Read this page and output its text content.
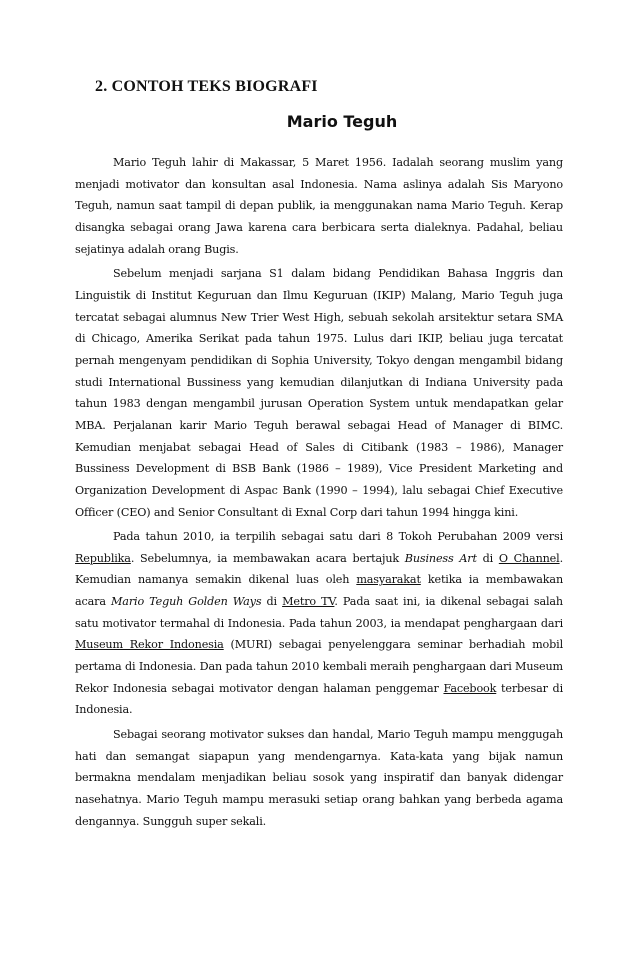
2. CONTOH TEKS BIOGRAFI
Mario Teguh

Mario Teguh lahir di Makassar, 5 Maret 1956. Iadalah seorang muslim yang menjadi motivator dan konsultan asal Indonesia. Nama aslinya adalah Sis Maryono Teguh, namun saat tampil di depan publik, ia menggunakan nama Mario Teguh. Kerap disangka sebagai orang Jawa karena cara berbicara serta dialeknya. Padahal, beliau sejatinya adalah orang Bugis.

Sebelum menjadi sarjana S1 dalam bidang Pendidikan Bahasa Inggris dan Linguistik di Institut Keguruan dan Ilmu Keguruan (IKIP) Malang, Mario Teguh juga tercatat sebagai alumnus New Trier West High, sebuah sekolah arsitektur setara SMA di Chicago, Amerika Serikat pada tahun 1975. Lulus dari IKIP, beliau juga tercatat pernah mengenyam pendidikan di Sophia University, Tokyo dengan mengambil bidang studi International Bussiness yang kemudian dilanjutkan di Indiana University pada tahun 1983 dengan mengambil jurusan Operation System untuk mendapatkan gelar MBA. Perjalanan karir Mario Teguh berawal sebagai Head of Manager di BIMC. Kemudian menjabat sebagai Head of Sales di Citibank (1983 – 1986), Manager Bussiness Development di BSB Bank (1986 – 1989), Vice President Marketing and Organization Development di Aspac Bank (1990 – 1994), lalu sebagai Chief Executive Officer (CEO) and Senior Consultant di Exnal Corp dari tahun 1994 hingga kini.

Pada tahun 2010, ia terpilih sebagai satu dari 8 Tokoh Perubahan 2009 versi Republika. Sebelumnya, ia membawakan acara bertajuk Business Art di O Channel. Kemudian namanya semakin dikenal luas oleh masyarakat ketika ia membawakan acara Mario Teguh Golden Ways di Metro TV. Pada saat ini, ia dikenal sebagai salah satu motivator termahal di Indonesia. Pada tahun 2003, ia mendapat penghargaan dari Museum Rekor Indonesia (MURI) sebagai penyelenggara seminar berhadiah mobil pertama di Indonesia. Dan pada tahun 2010 kembali meraih penghargaan dari Museum Rekor Indonesia sebagai motivator dengan halaman penggemar Facebook terbesar di Indonesia.

Sebagai seorang motivator sukses dan handal, Mario Teguh mampu menggugah hati dan semangat siapapun yang mendengarnya. Kata-kata yang bijak namun bermakna mendalam menjadikan beliau sosok yang inspiratif dan banyak didengar nasehatnya. Mario Teguh mampu merasuki setiap orang bahkan yang berbeda agama dengannya. Sungguh super sekali.
